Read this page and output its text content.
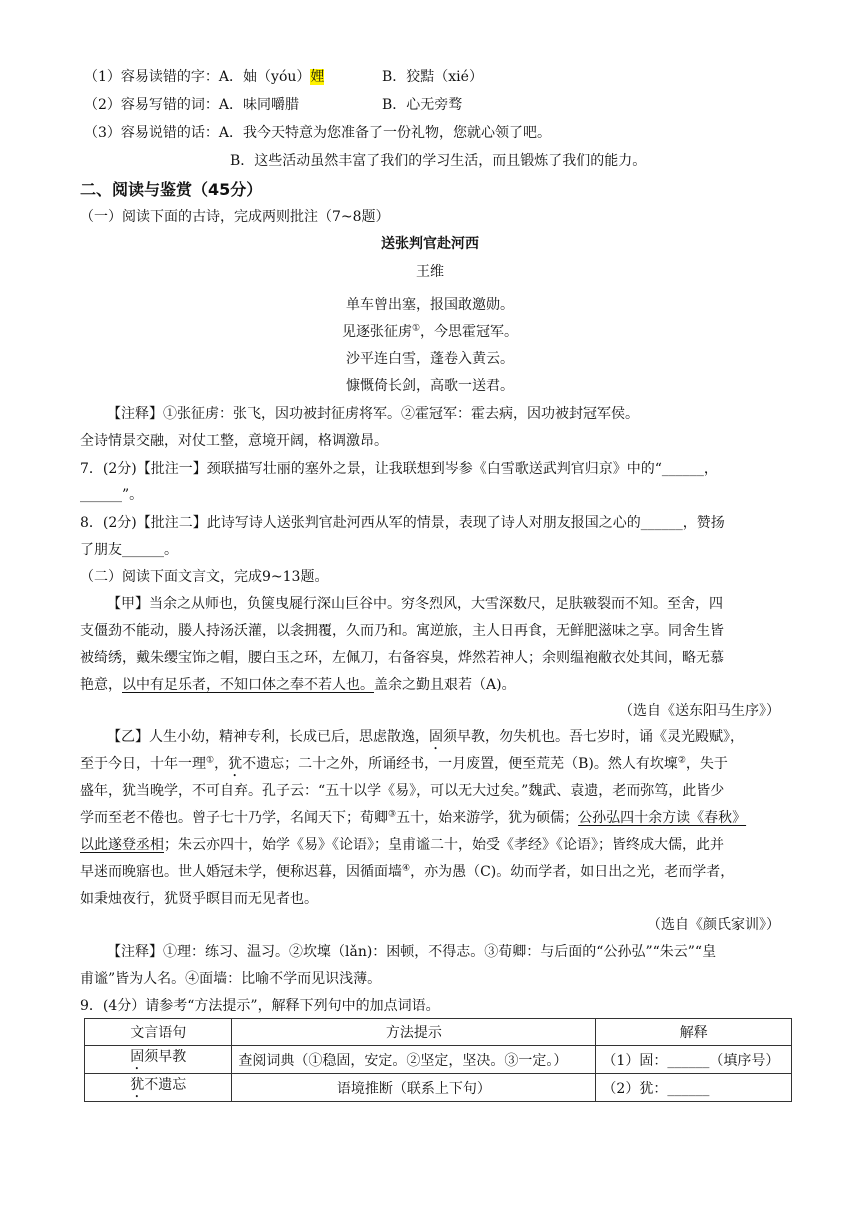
（1）容易读错的字：A．妯（yóu）娌	B．狡黠（xié）
（2）容易写错的词：A．味同嚼腊	B．心无旁骛
（3）容易说错的话：A．我今天特意为您准备了一份礼物，您就心领了吧。
B．这些活动虽然丰富了我们的学习生活，而且锻炼了我们的能力。
二、阅读与鉴赏（45分）
（一）阅读下面的古诗，完成两则批注（7~8题）
送张判官赴河西
王维
单车曾出塞，报国敢邀勋。
见逐张征虏①，今思霍冠军。
沙平连白雪，蓬卷入黄云。
慷慨倚长剑，高歌一送君。
【注释】①张征虏：张飞，因功被封征虏将军。②霍冠军：霍去病，因功被封冠军侯。
全诗情景交融，对仗工整，意境开阔，格调激昂。
7．(2分)【批注一】颈联描写壮丽的塞外之景，让我联想到岑参《白雪歌送武判官归京》中的“______，
______”。
8．(2分)【批注二】此诗写诗人送张判官赴河西从军的情景，表现了诗人对朋友报国之心的______，赞扬
了朋友______。
（二）阅读下面文言文，完成9~13题。
【甲】当余之从师也，负箧曳屣行深山巨谷中。穷冬烈风，大雪深数尺，足肤皲裂而不知。至舍，四
支僵劲不能动，媵人持汤沃灌，以衾拥覆，久而乃和。寓逆旅，主人日再食，无鲜肥滋味之享。同舍生皆
被绮绣，戴朱缨宝饰之帽，腰白玉之环，左佩刀，右备容臭，烨然若神人；余则缊袍敝衣处其间，略无慕
艳意，以中有足乐者，不知口体之奉不若人也。盖余之勤且艰若（A)。
（选自《送东阳马生序》）
【乙】人生小幼，精神专利，长成已后，思虑散逸，固须早教，勿失机也。吾七岁时，诵《灵光殿赋》，
至于今日，十年一理①，犹不遗忘；二十之外，所诵经书，一月废置，便至荒芜（B)。然人有坎壈②，失于
盛年，犹当晚学，不可自弃。孔子云：“五十以学《易》，可以无大过矣。”魏武、袁遗，老而弥笃，此皆少
学而至老不倦也。曾子七十乃学，名闻天下；荀卿③五十，始来游学，犹为硕儒；公孙弘四十余方读《春秋》
以此遂登丞相；朱云亦四十，始学《易》《论语》；皇甫谧二十，始受《孝经》《论语》；皆终成大儒，此并
早迷而晚寤也。世人婚冠未学，便称迟暮，因循面墙④，亦为愚（C)。幼而学者，如日出之光，老而学者，
如秉烛夜行，犹贤乎瞑目而无见者也。
（选自《颜氏家训》）
【注释】①理：练习、温习。②坎壈（lǎn)：困顿，不得志。③荀卿：与后面的“公孙弘”“朱云”“皇
甫谧”皆为人名。④面墙：比喻不学而见识浅薄。
9．(4分）请参考“方法提示”，解释下列句中的加点词语。
文言语句	方法提示	解释
固须早教	查阅词典（①稳固，安定。②坚定，坚决。③一定。）	（1）固：______（填序号）
犹不遗忘	语境推断（联系上下句）	（2）犹：______
